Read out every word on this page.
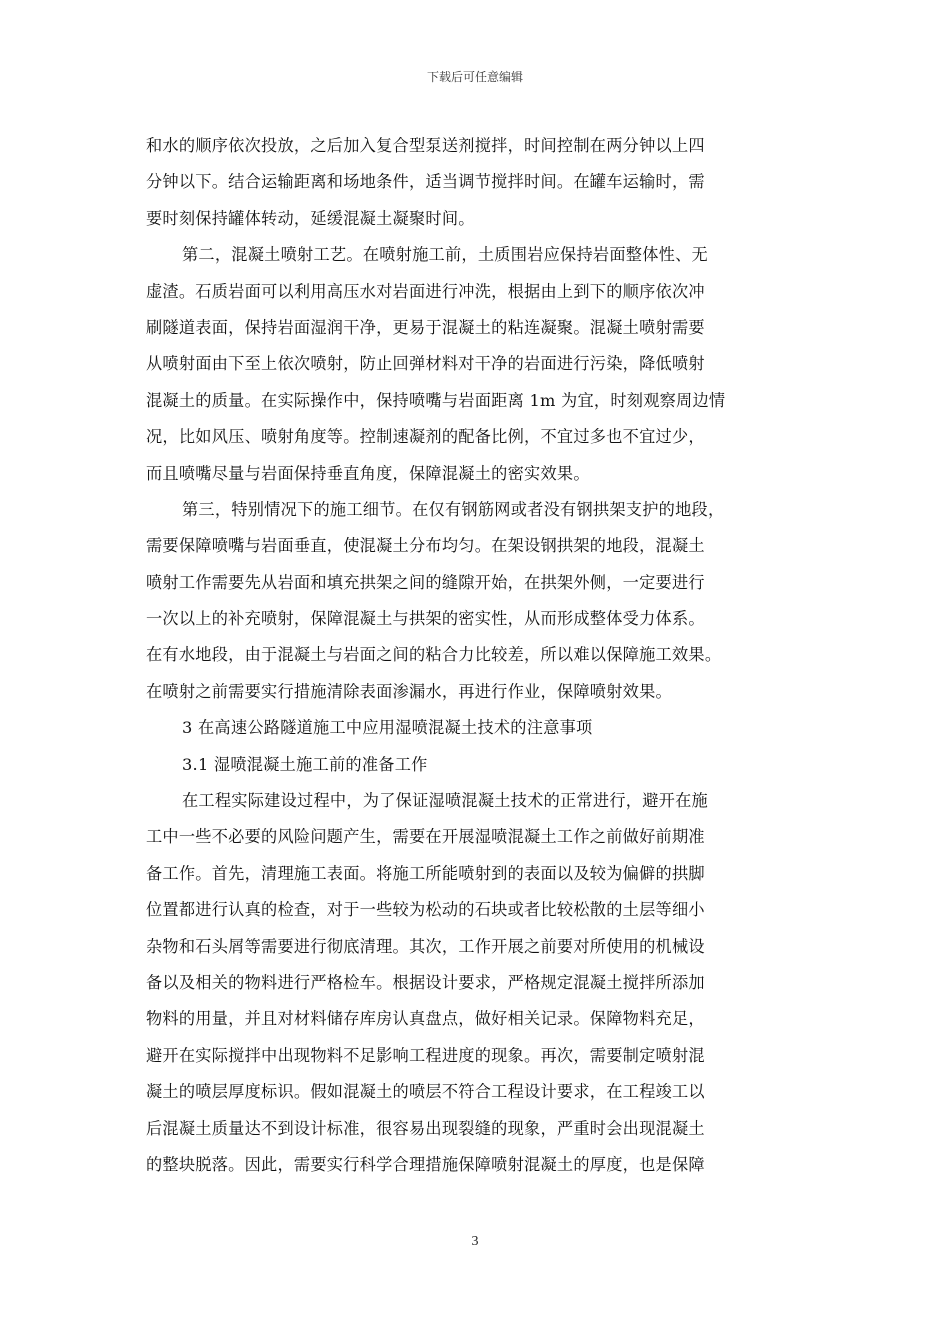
下载后可任意编辑
和水的顺序依次投放，之后加入复合型泵送剂搅拌，时间控制在两分钟以上四
分钟以下。结合运输距离和场地条件，适当调节搅拌时间。在罐车运输时，需
要时刻保持罐体转动，延缓混凝土凝聚时间。
第二，混凝土喷射工艺。在喷射施工前，土质围岩应保持岩面整体性、无
虚渣。石质岩面可以利用高压水对岩面进行冲洗，根据由上到下的顺序依次冲
刷隧道表面，保持岩面湿润干净，更易于混凝土的粘连凝聚。混凝土喷射需要
从喷射面由下至上依次喷射，防止回弹材料对干净的岩面进行污染，降低喷射
混凝土的质量。在实际操作中，保持喷嘴与岩面距离 1m 为宜，时刻观察周边情
况，比如风压、喷射角度等。控制速凝剂的配备比例，不宜过多也不宜过少，
而且喷嘴尽量与岩面保持垂直角度，保障混凝土的密实效果。
第三，特别情况下的施工细节。在仅有钢筋网或者没有钢拱架支护的地段，
需要保障喷嘴与岩面垂直，使混凝土分布均匀。在架设钢拱架的地段，混凝土
喷射工作需要先从岩面和填充拱架之间的缝隙开始，在拱架外侧，一定要进行
一次以上的补充喷射，保障混凝土与拱架的密实性，从而形成整体受力体系。
在有水地段，由于混凝土与岩面之间的粘合力比较差，所以难以保障施工效果。
在喷射之前需要实行措施清除表面渗漏水，再进行作业，保障喷射效果。
3 在高速公路隧道施工中应用湿喷混凝土技术的注意事项
3.1 湿喷混凝土施工前的准备工作
在工程实际建设过程中，为了保证湿喷混凝土技术的正常进行，避开在施
工中一些不必要的风险问题产生，需要在开展湿喷混凝土工作之前做好前期准
备工作。首先，清理施工表面。将施工所能喷射到的表面以及较为偏僻的拱脚
位置都进行认真的检查，对于一些较为松动的石块或者比较松散的土层等细小
杂物和石头屑等需要进行彻底清理。其次，工作开展之前要对所使用的机械设
备以及相关的物料进行严格检车。根据设计要求，严格规定混凝土搅拌所添加
物料的用量，并且对材料储存库房认真盘点，做好相关记录。保障物料充足，
避开在实际搅拌中出现物料不足影响工程进度的现象。再次，需要制定喷射混
凝土的喷层厚度标识。假如混凝土的喷层不符合工程设计要求，在工程竣工以
后混凝土质量达不到设计标准，很容易出现裂缝的现象，严重时会出现混凝土
的整块脱落。因此，需要实行科学合理措施保障喷射混凝土的厚度，也是保障
3
